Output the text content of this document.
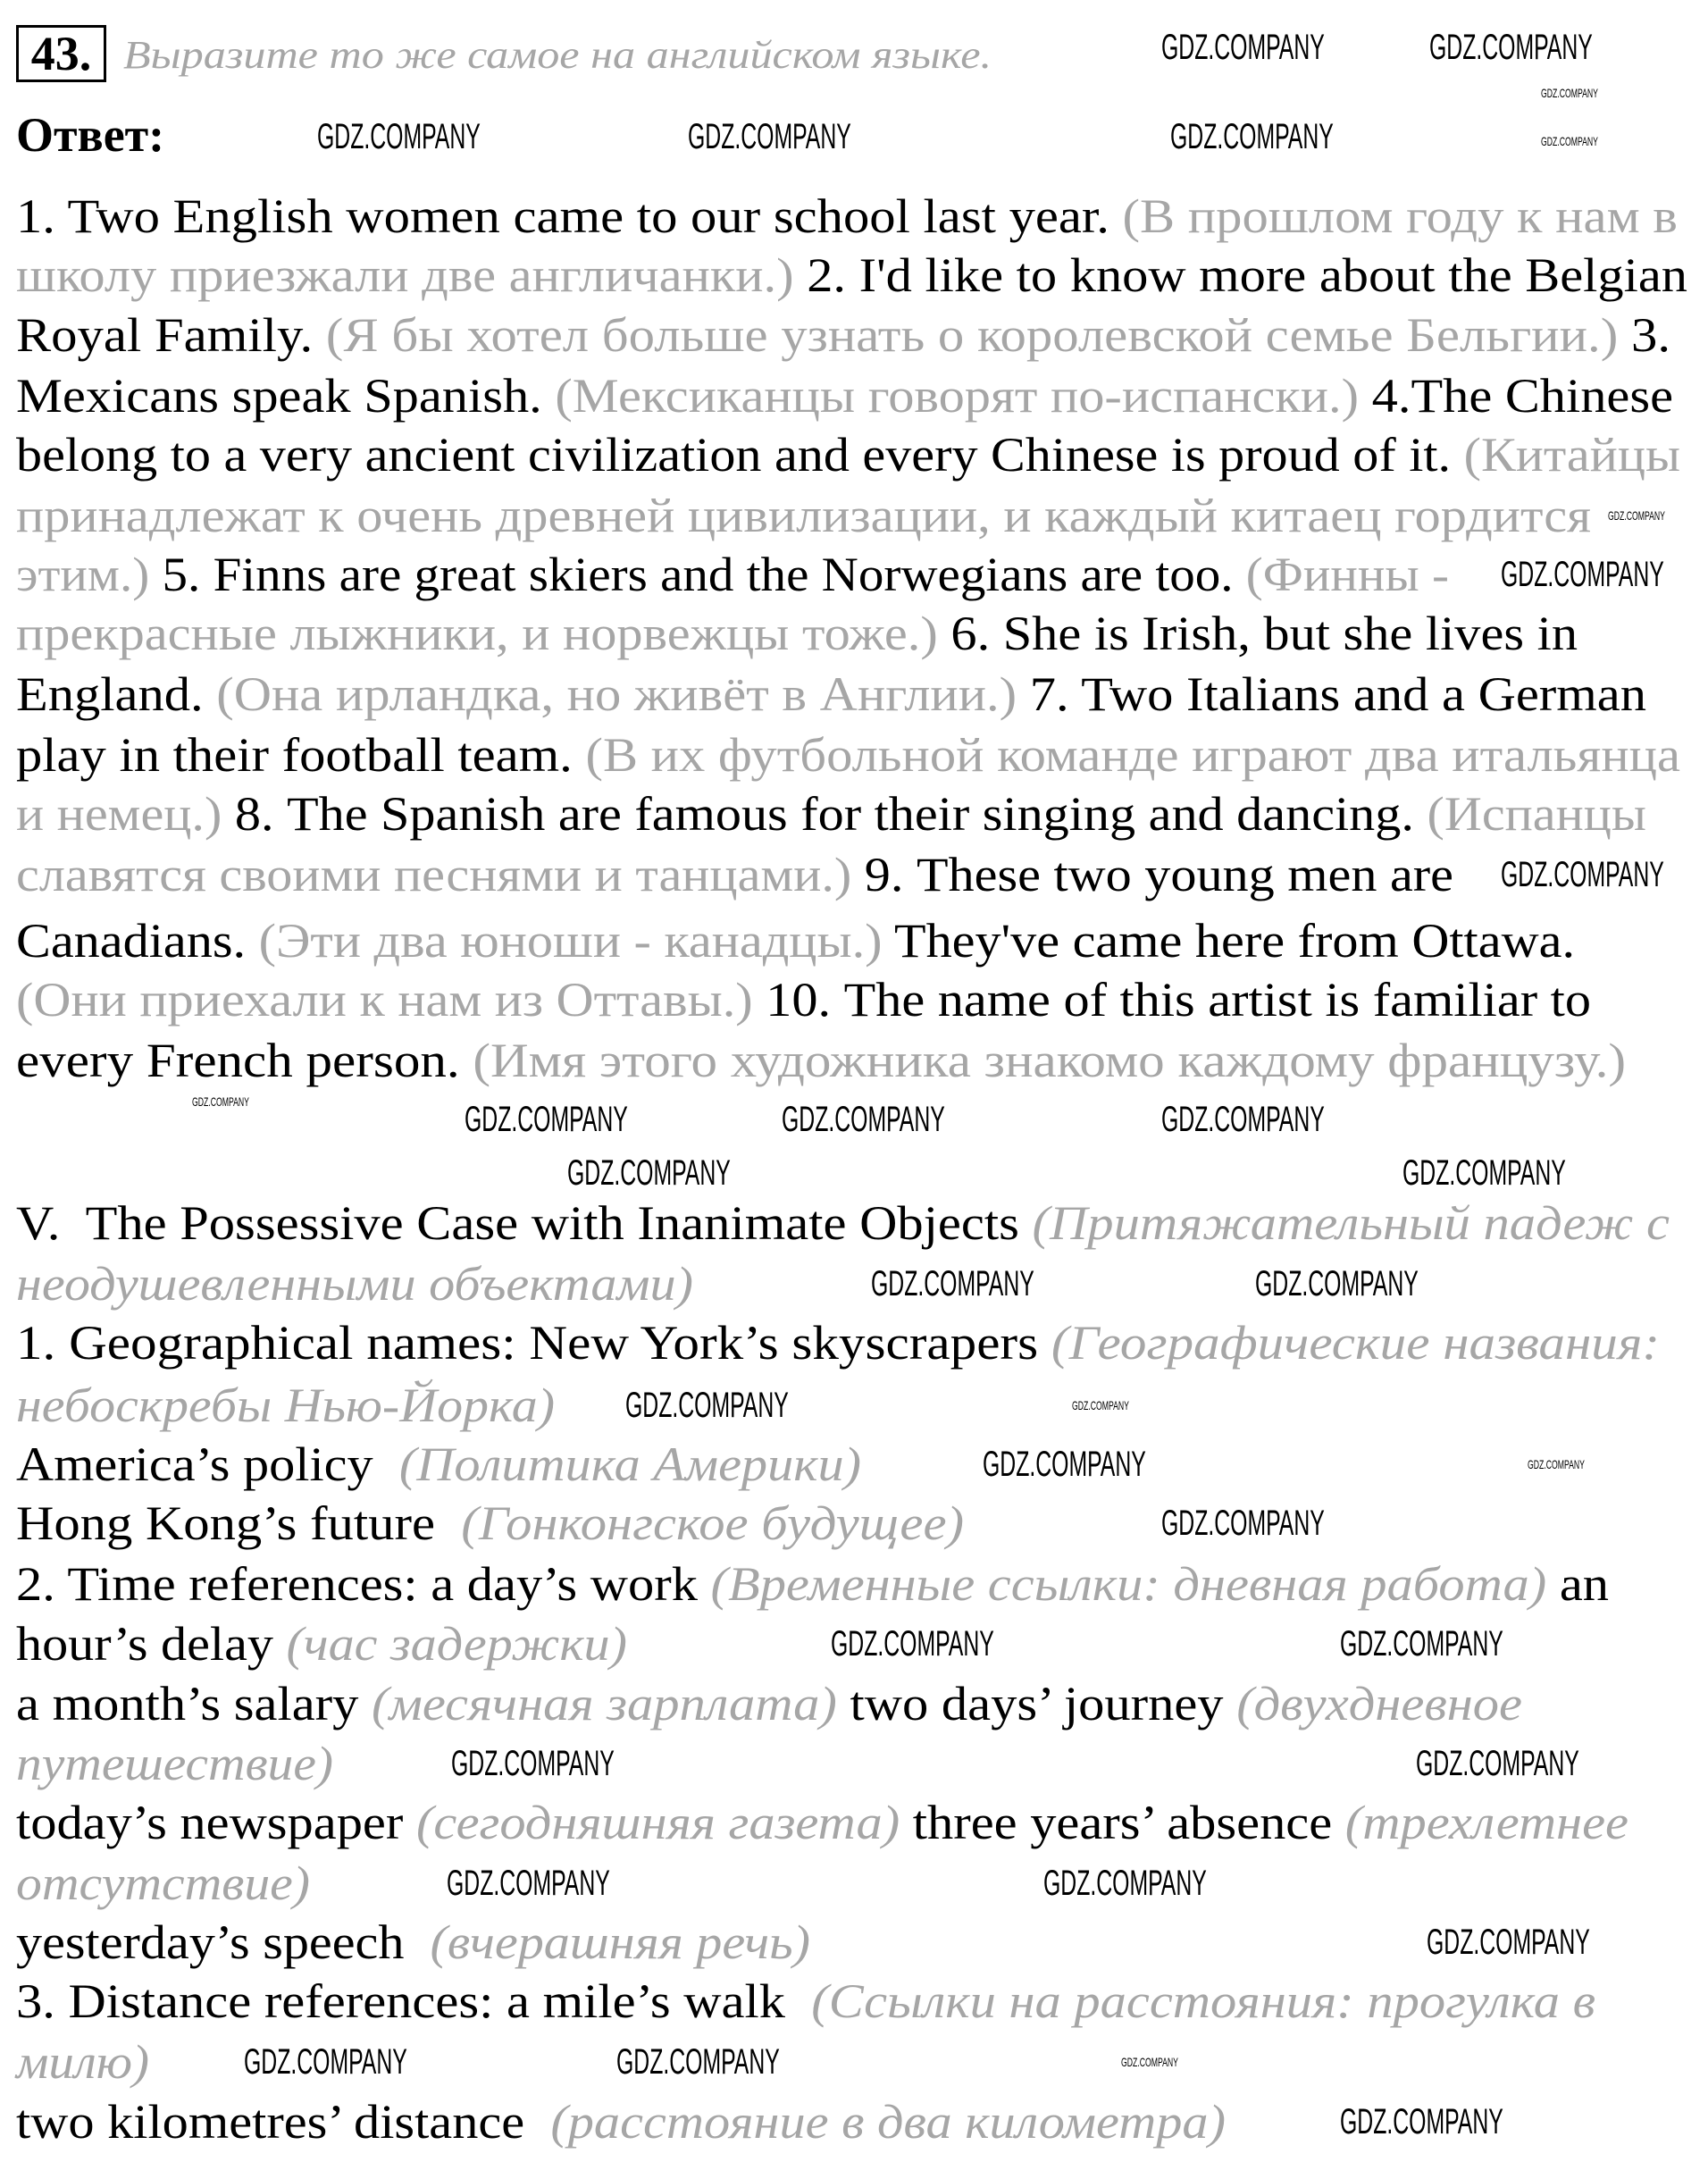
43. Выразите то же самое на английском языке.
Ответ:
1. Two English women came to our school last year. (В прошлом году к нам в
школу приезжали две англичанки.) 2. I'd like to know more about the Belgian
Royal Family. (Я бы хотел больше узнать о королевской семье Бельгии.) 3.
Mexicans speak Spanish. (Мексиканцы говорят по-испански.) 4.The Chinese
belong to a very ancient civilization and every Chinese is proud of it. (Китайцы
принадлежат к очень древней цивилизации, и каждый китаец гордится
этим.) 5. Finns are great skiers and the Norwegians are too. (Финны -
прекрасные лыжники, и норвежцы тоже.) 6. She is Irish, but she lives in
England. (Она ирландка, но живёт в Англии.) 7. Two Italians and a German
play in their football team. (В их футбольной команде играют два итальянца
и немец.) 8. The Spanish are famous for their singing and dancing. (Испанцы
славятся своими песнями и танцами.) 9. These two young men are
Canadians. (Эти два юноши - канадцы.) They've came here from Ottawa.
(Они приехали к нам из Оттавы.) 10. The name of this artist is familiar to
every French person. (Имя этого художника знакомо каждому французу.)
V.  The Possessive Case with Inanimate Objects (Притяжательный падеж с
неодушевленными объектами)
1. Geographical names: New York’s skyscrapers (Географические названия:
небоскребы Нью-Йорка)
America’s policy  (Политика Америки)
Hong Kong’s future  (Гонконгское будущее)
2. Time references: a day’s work (Временные ссылки: дневная работа) an
hour’s delay (час задержки)
a month’s salary (месячная зарплата) two days’ journey (двухдневное
путешествие)
today’s newspaper (сегодняшняя газета) three years’ absence (трехлетнее
отсутствие)
yesterday’s speech  (вчерашняя речь)
3. Distance references: a mile’s walk  (Ссылки на расстояния: прогулка в
милю)
two kilometres’ distance  (расстояние в два километра)
GDZ.COMPANY	GDZ.COMPANY
GDZ.COMPANY
GDZ.COMPANY	GDZ.COMPANY	GDZ.COMPANY	GDZ.COMPANY
GDZ.COMPANY
GDZ.COMPANY
GDZ.COMPANY
GDZ.COMPANY	GDZ.COMPANY	GDZ.COMPANY	GDZ.COMPANY
GDZ.COMPANY	GDZ.COMPANY
GDZ.COMPANY	GDZ.COMPANY
GDZ.COMPANY	GDZ.COMPANY
GDZ.COMPANY	GDZ.COMPANY
GDZ.COMPANY
GDZ.COMPANY	GDZ.COMPANY
GDZ.COMPANY	GDZ.COMPANY
GDZ.COMPANY	GDZ.COMPANY
GDZ.COMPANY
GDZ.COMPANY	GDZ.COMPANY	GDZ.COMPANY
GDZ.COMPANY
